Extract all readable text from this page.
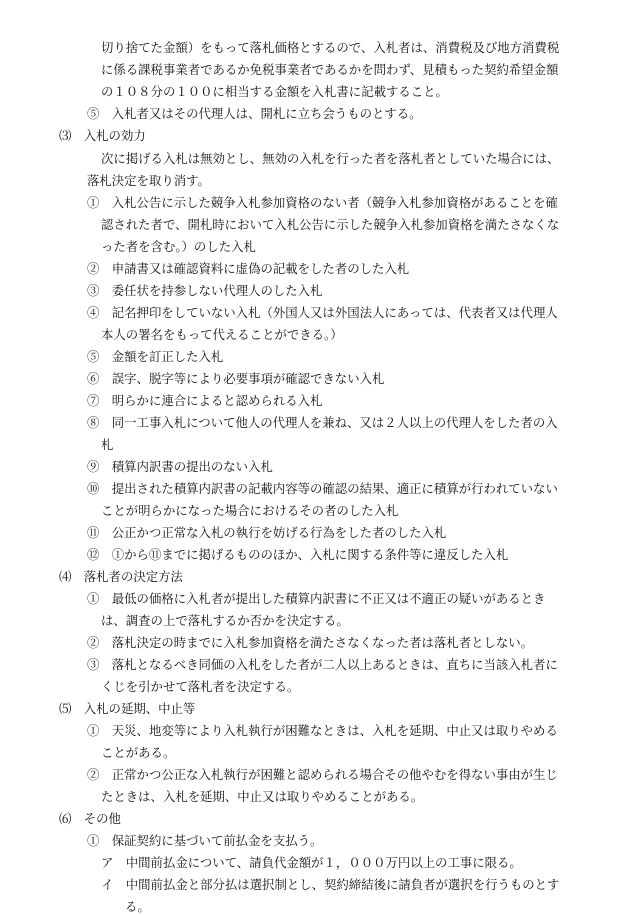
切り捨てた金額）をもって落札価格とするので、入札者は、消費税及び地方消費税
に係る課税事業者であるか免税事業者であるかを問わず、見積もった契約希望金額
の１０８分の１００に相当する金額を入札書に記載すること。
⑤　入札者又はその代理人は、開札に立ち会うものとする。
⑶　入札の効力
次に掲げる入札は無効とし、無効の入札を行った者を落札者としていた場合には、
落札決定を取り消す。
①　入札公告に示した競争入札参加資格のない者（競争入札参加資格があることを確
認された者で、開札時において入札公告に示した競争入札参加資格を満たさなくな
った者を含む。）のした入札
②　申請書又は確認資料に虚偽の記載をした者のした入札
③　委任状を持参しない代理人のした入札
④　記名押印をしていない入札（外国人又は外国法人にあっては、代表者又は代理人
本人の署名をもって代えることができる。）
⑤　金額を訂正した入札
⑥　誤字、脱字等により必要事項が確認できない入札
⑦　明らかに連合によると認められる入札
⑧　同一工事入札について他人の代理人を兼ね、又は２人以上の代理人をした者の入
札
⑨　積算内訳書の提出のない入札
⑩　提出された積算内訳書の記載内容等の確認の結果、適正に積算が行われていない
ことが明らかになった場合におけるその者のした入札
⑪　公正かつ正常な入札の執行を妨げる行為をした者のした入札
⑫　①から⑪までに掲げるもののほか、入札に関する条件等に違反した入札
⑷　落札者の決定方法
①　最低の価格に入札者が提出した積算内訳書に不正又は不適正の疑いがあるとき
は、調査の上で落札するか否かを決定する。
②　落札決定の時までに入札参加資格を満たさなくなった者は落札者としない。
③　落札となるべき同価の入札をした者が二人以上あるときは、直ちに当該入札者に
くじを引かせて落札者を決定する。
⑸　入札の延期、中止等
①　天災、地変等により入札執行が困難なときは、入札を延期、中止又は取りやめる
ことがある。
②　正常かつ公正な入札執行が困難と認められる場合その他やむを得ない事由が生じ
たときは、入札を延期、中止又は取りやめることがある。
⑹　その他
①　保証契約に基づいて前払金を支払う。
ア　中間前払金について、請負代金額が１，０００万円以上の工事に限る。
イ　中間前払金と部分払は選択制とし、契約締結後に請負者が選択を行うものとす
る。
